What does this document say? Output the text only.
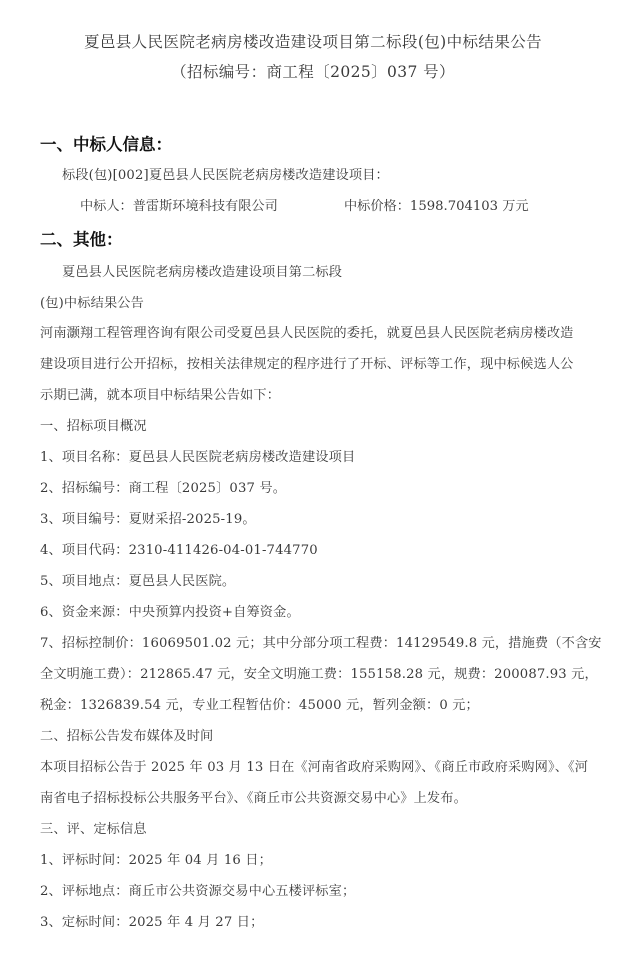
夏邑县人民医院老病房楼改造建设项目第二标段(包)中标结果公告
（招标编号：商工程〔2025〕037 号）
一、中标人信息：
标段(包)[002]夏邑县人民医院老病房楼改造建设项目：
中标人：普雷斯环境科技有限公司	中标价格：1598.704103 万元
二、其他：
夏邑县人民医院老病房楼改造建设项目第二标段
(包)中标结果公告
河南灏翔工程管理咨询有限公司受夏邑县人民医院的委托，就夏邑县人民医院老病房楼改造
建设项目进行公开招标，按相关法律规定的程序进行了开标、评标等工作，现中标候选人公
示期已满，就本项目中标结果公告如下：
一、招标项目概况
1、项目名称：夏邑县人民医院老病房楼改造建设项目
2、招标编号：商工程〔2025〕037 号。
3、项目编号：夏财采招-2025-19。
4、项目代码：2310-411426-04-01-744770
5、项目地点：夏邑县人民医院。
6、资金来源：中央预算内投资+自筹资金。
7、招标控制价：16069501.02 元；其中分部分项工程费：14129549.8 元，措施费（不含安
全文明施工费）：212865.47 元，安全文明施工费：155158.28 元，规费：200087.93 元，
税金：1326839.54 元，专业工程暂估价：45000 元，暂列金额：0 元；
二、招标公告发布媒体及时间
本项目招标公告于 2025 年 03 月 13 日在《河南省政府采购网》、《商丘市政府采购网》、《河
南省电子招标投标公共服务平台》、《商丘市公共资源交易中心》上发布。
三、评、定标信息
1、评标时间：2025 年 04 月 16 日；
2、评标地点：商丘市公共资源交易中心五楼评标室；
3、定标时间：2025 年 4 月 27 日；
